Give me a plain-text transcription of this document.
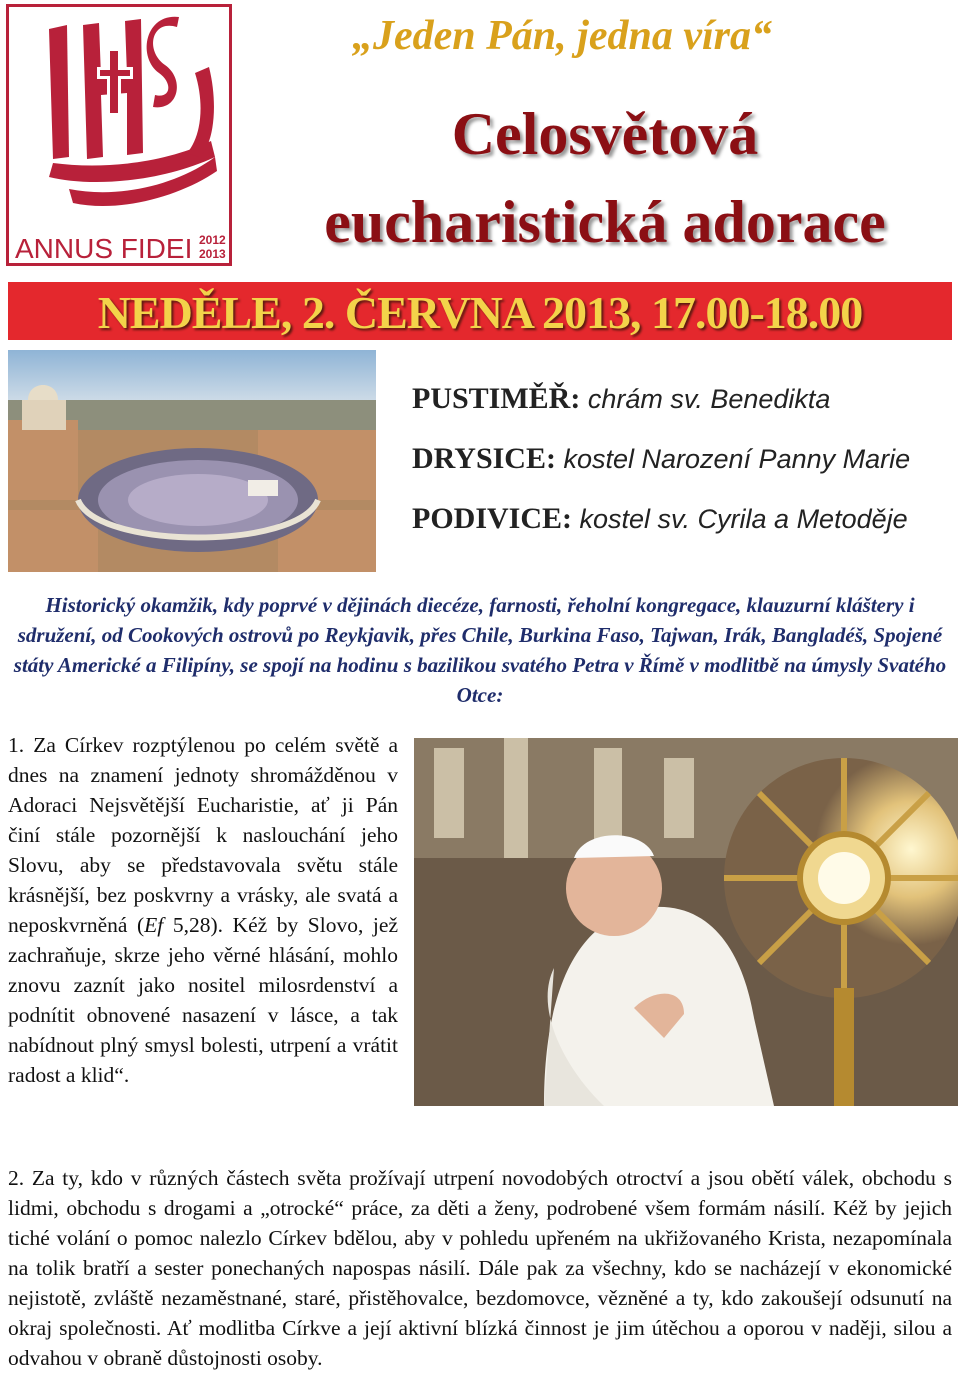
ANNUS FIDEI 2012
2013
„Jeden Pán, jedna víra“
Celosvětová
eucharistická adorace
NEDĚLE, 2. ČERVNA 2013, 17.00-18.00
PUSTIMĚŘ: chrám sv. Benedikta
DRYSICE: kostel Narození Panny Marie
PODIVICE: kostel sv. Cyrila a Metoděje
Historický okamžik, kdy poprvé v dějinách diecéze, farnosti, řeholní kongregace, klauzurní kláštery i sdružení, od Cookových ostrovů po Reykjavik, přes Chile, Burkina Faso, Tajwan, Irák, Bangladéš, Spojené státy Americké a Filipíny, se spojí na hodinu s bazilikou svatého Petra v Římě v modlitbě na úmysly Svatého Otce:
1. Za Církev rozptýlenou po celém světě a dnes na znamení jednoty shromážděnou v Adoraci Nejsvětější Eucharistie, ať ji Pán činí stále pozornější k naslouchání jeho Slovu, aby se představovala světu stále krásnější, bez poskvrny a vrásky, ale svatá a neposkvrněná (Ef 5,28). Kéž by Slovo, jež zachraňuje, skrze jeho věrné hlásání, mohlo znovu zaznít jako nositel milosrdenství a podnítit obnovené nasazení v lásce, a tak nabídnout plný smysl bolesti, utrpení a vrátit radost a klid“.
2. Za ty, kdo v různých částech světa prožívají utrpení novodobých otroctví a jsou obětí válek, obchodu s lidmi, obchodu s drogami a „otrocké“ práce, za děti a ženy, podrobené všem formám násilí. Kéž by jejich tiché volání o pomoc nalezlo Církev bdělou, aby v pohledu upřeném na ukřižovaného Krista, nezapomínala na tolik bratří a sester ponechaných napospas násilí. Dále pak za všechny, kdo se nacházejí v ekonomické nejistotě, zvláště nezaměstnané, staré, přistěhovalce, bezdomovce, vězněné a ty, kdo zakoušejí odsunutí na okraj společnosti. Ať modlitba Církve a její aktivní blízká činnost je jim útěchou a oporou v naději, silou a odvahou v obraně důstojnosti osoby.
